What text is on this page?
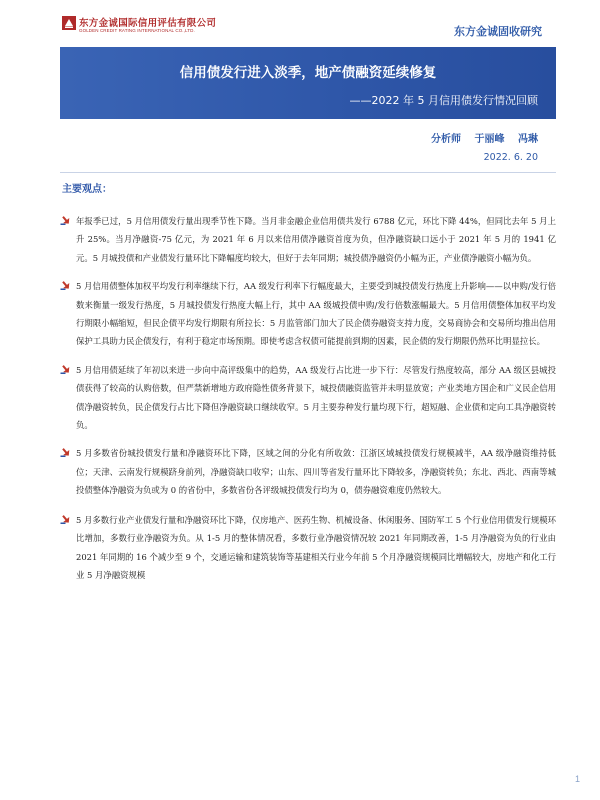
东方金诚国际信用评估有限公司
GOLDEN CREDIT RATING INTERNATIONAL CO.,LTD.	东方金诚固收研究
信用债发行进入淡季，地产债融资延续修复
——2022 年 5 月信用债发行情况回顾
分析师 于丽峰 冯琳
2022. 6. 20
主要观点：

年报季已过，5 月信用债发行量出现季节性下降。当月非金融企业信用债共发行 6788 亿元，环比下降 44%，但同比去年 5 月上升 25%。当月净融资-75 亿元，为 2021 年 6 月以来信用债净融资首度为负，但净融资缺口远小于 2021 年 5 月的 1941 亿元。5 月城投债和产业债发行量环比下降幅度均较大，但好于去年同期；城投债净融资仍小幅为正，产业债净融资小幅为负。

5 月信用债整体加权平均发行利率继续下行，AA 级发行利率下行幅度最大，主要受到城投债发行热度上升影响——以申购/发行倍数来衡量一级发行热度，5 月城投债发行热度大幅上行，其中 AA 级城投债申购/发行倍数涨幅最大。5 月信用债整体加权平均发行期限小幅缩短，但民企债平均发行期限有所拉长：5 月监管部门加大了民企债券融资支持力度，交易商协会和交易所均推出信用保护工具助力民企债发行，有利于稳定市场预期。即使考虑含权债可能提前到期的因素，民企债的发行期限仍然环比明显拉长。

5 月信用债延续了年初以来进一步向中高评级集中的趋势，AA 级发行占比进一步下行：尽管发行热度较高，部分 AA 级区县城投债获得了较高的认购倍数，但严禁新增地方政府隐性债务背景下，城投债融资监管并未明显放宽；产业类地方国企和广义民企信用债净融资转负，民企债发行占比下降但净融资缺口继续收窄。5 月主要券种发行量均现下行，超短融、企业债和定向工具净融资转负。

5 月多数省份城投债发行量和净融资环比下降，区域之间的分化有所收敛：江浙区域城投债发行规模减半，AA 级净融资维持低位；天津、云南发行规模跻身前列，净融资缺口收窄；山东、四川等省发行量环比下降较多，净融资转负；东北、西北、西南等城投债整体净融资为负或为 0 的省份中，多数省份各评级城投债发行均为 0，债券融资难度仍然较大。

5 月多数行业产业债发行量和净融资环比下降，仅房地产、医药生物、机械设备、休闲服务、国防军工 5 个行业信用债发行规模环比增加，多数行业净融资为负。从 1-5 月的整体情况看，多数行业净融资情况较 2021 年同期改善，1-5 月净融资为负的行业由 2021 年同期的 16 个减少至 9 个，交通运输和建筑装饰等基建相关行业今年前 5 个月净融资规模同比增幅较大，房地产和化工行业 5 月净融资规模

1
